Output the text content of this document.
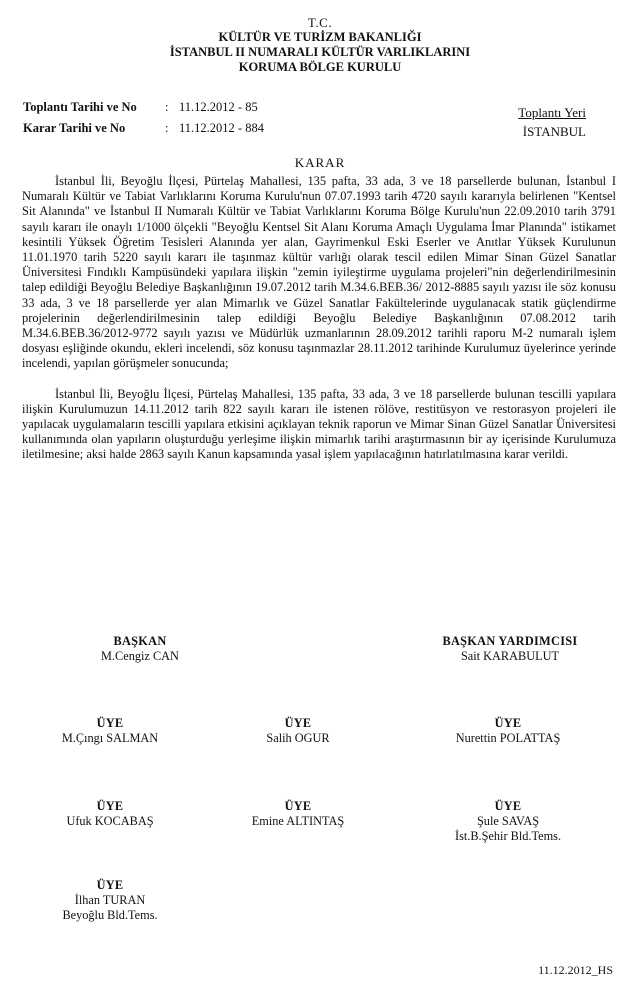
T.C.
KÜLTÜR VE TURİZM BAKANLIĞI
İSTANBUL II NUMARALI KÜLTÜR VARLIKLARINI
KORUMA BÖLGE KURULU
Toplantı Tarihi ve No	: 11.12.2012 - 85
Karar Tarihi ve No	: 11.12.2012 - 884
Toplantı Yeri
İSTANBUL
KARAR

İstanbul İli, Beyoğlu İlçesi, Pürtelaş Mahallesi, 135 pafta, 33 ada, 3 ve 18 parsellerde bulunan, İstanbul I Numaralı Kültür ve Tabiat Varlıklarını Koruma Kurulu'nun 07.07.1993 tarih 4720 sayılı kararıyla belirlenen "Kentsel Sit Alanında" ve İstanbul II Numaralı Kültür ve Tabiat Varlıklarını Koruma Bölge Kurulu'nun 22.09.2010 tarih 3791 sayılı kararı ile onaylı 1/1000 ölçekli "Beyoğlu Kentsel Sit Alanı Koruma Amaçlı Uygulama İmar Planında" istikamet kesintili Yüksek Öğretim Tesisleri Alanında yer alan, Gayrimenkul Eski Eserler ve Anıtlar Yüksek Kurulunun 11.01.1970 tarih 5220 sayılı kararı ile taşınmaz kültür varlığı olarak tescil edilen Mimar Sinan Güzel Sanatlar Üniversitesi Fındıklı Kampüsündeki yapılara ilişkin "zemin iyileştirme uygulama projeleri"nin değerlendirilmesinin talep edildiği Beyoğlu Belediye Başkanlığının 19.07.2012 tarih M.34.6.BEB.36/ 2012-8885 sayılı yazısı ile söz konusu 33 ada, 3 ve 18 parsellerde yer alan Mimarlık ve Güzel Sanatlar Fakültelerinde uygulanacak statik güçlendirme projelerinin değerlendirilmesinin talep edildiği Beyoğlu Belediye Başkanlığının 07.08.2012 tarih M.34.6.BEB.36/2012-9772 sayılı yazısı ve Müdürlük uzmanlarının 28.09.2012 tarihli raporu M-2 numaralı işlem dosyası eşliğinde okundu, ekleri incelendi, söz konusu taşınmazlar 28.11.2012 tarihinde Kurulumuz üyelerince yerinde incelendi, yapılan görüşmeler sonucunda;

İstanbul İli, Beyoğlu İlçesi, Pürtelaş Mahallesi, 135 pafta, 33 ada, 3 ve 18 parsellerde bulunan tescilli yapılara ilişkin Kurulumuzun 14.11.2012 tarih 822 sayılı kararı ile istenen rölöve, restitüsyon ve restorasyon projeleri ile yapılacak uygulamaların tescilli yapılara etkisini açıklayan teknik raporun ve Mimar Sinan Güzel Sanatlar Üniversitesi kullanımında olan yapıların oluşturduğu yerleşime ilişkin mimarlık tarihi araştırmasının bir ay içerisinde Kurulumuza iletilmesine; aksi halde 2863 sayılı Kanun kapsamında yasal işlem yapılacağının hatırlatılmasına karar verildi.

BAŞKAN
M.Cengiz CAN
BAŞKAN YARDIMCISI
Sait KARABULUT
ÜYE
M.Çıngı SALMAN
ÜYE
Salih OGUR
ÜYE
Nurettin POLATTAŞ
ÜYE
Ufuk KOCABAŞ
ÜYE
Emine ALTINTAŞ
ÜYE
Şule SAVAŞ
İst.B.Şehir Bld.Tems.
ÜYE
İlhan TURAN
Beyoğlu Bld.Tems.
11.12.2012_HS
